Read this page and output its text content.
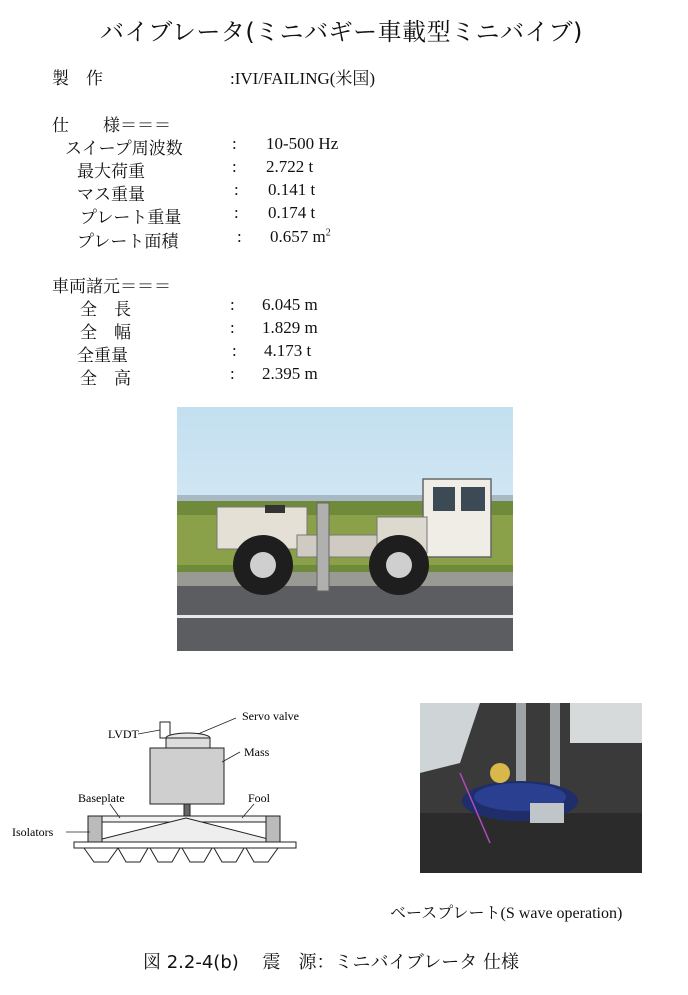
バイブレータ(ミニバギー車載型ミニバイブ)
製　作	:IVI/FAILING(米国)
仕　　様＝＝＝
スイープ周波数	: 10-500 Hz
最大荷重	: 2.722 t
マス重量	: 0.141 t
プレート重量	: 0.174 t
プレート面積	: 0.657 $m^2$
車両諸元＝＝＝
全　長	: 6.045 m
全　幅	: 1.829 m
全重量	: 4.173 t
全　高	: 2.395 m
LVDT
Servo valve
Mass
Baseplate	Fool
Isolators
ベースプレート(S wave operation)
図 2.2-4(b)　 震　源：ミニバイブレータ 仕様
